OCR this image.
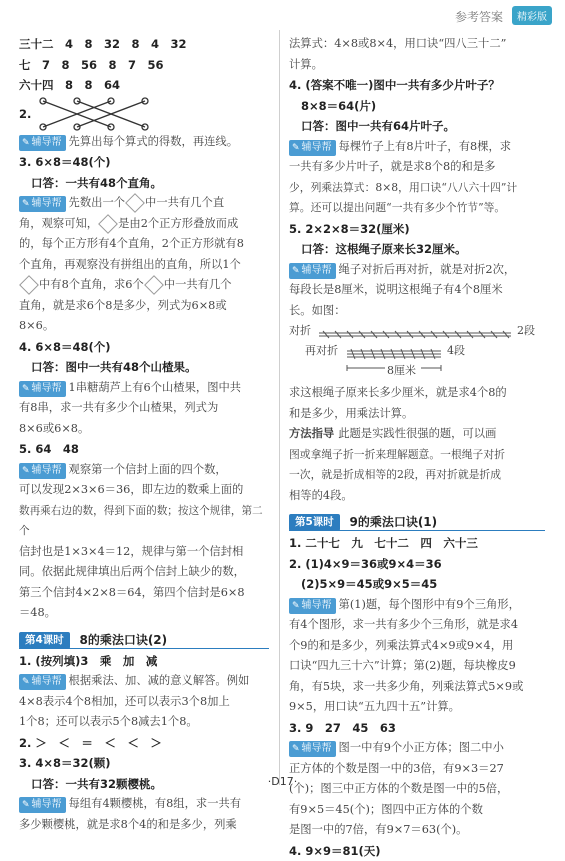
参考答案	精彩版

三十二　4　8　32　8　4　32

七　7　8　56　8　7　56

六十四　8　8　64

2.

✎ 辅导帮 先算出每个算式的得数，再连线。

3. 6×8＝48(个)

口答：一共有48个直角。

✎ 辅导帮 先数出一个 中一共有几个直

角，观察可知， 是由2个正方形叠放而成

的，每个正方形有4个直角，2个正方形就有8

个直角，再观察没有拼组出的直角，所以1个

中有8个直角，求6个 中一共有几个

直角，就是求6个8是多少，列式为6×8或

8×6。

4. 6×8＝48(个)

口答：图中一共有48个山楂果。

✎ 辅导帮 1串糖葫芦上有6个山楂果，图中共

有8串，求一共有多少个山楂果，列式为

8×6或6×8。

5. 64　48

✎ 辅导帮 观察第一个信封上面的四个数，

可以发现2×3×6＝36，即左边的数乘上面的

数再乘右边的数，得到下面的数；按这个规律，第二个

信封也是1×3×4＝12，规律与第一个信封相

同。依据此规律填出后两个信封上缺少的数，

第三个信封4×2×8＝64，第四个信封是6×8

＝48。

第4课时 8的乘法口诀(2)

1. (按列填)3　乘　加　减

✎ 辅导帮 根据乘法、加、减的意义解答。例如

4×8表示4个8相加，还可以表示3个8加上

1个8；还可以表示5个8减去1个8。

2. ＞　＜　＝　＜　＜　＞

3. 4×8＝32(颗)

口答：一共有32颗樱桃。

✎ 辅导帮 每组有4颗樱桃，有8组，求一共有

多少颗樱桃，就是求8个4的和是多少，列乘

法算式：4×8或8×4，用口诀“四八三十二”

计算。

4. (答案不唯一)图中一共有多少片叶子？

8×8＝64(片)

口答：图中一共有64片叶子。

✎ 辅导帮 每棵竹子上有8片叶子，有8棵，求

一共有多少片叶子，就是求8个8的和是多

少，列乘法算式：8×8，用口诀“八八六十四”计

算。还可以提出问题“一共有多少个竹节”等。

5. 2×2×8＝32(厘米)

口答：这根绳子原来长32厘米。

✎ 辅导帮 绳子对折后再对折，就是对折2次，

每段长是8厘米，说明这根绳子有4个8厘米

长。如图：

对折	2段
再对折	4段
8厘米

求这根绳子原来长多少厘米，就是求4个8的

和是多少，用乘法计算。

方法指导 此题是实践性很强的题，可以画

图或拿绳子折一折来理解题意。一根绳子对折

一次，就是折成相等的2段，再对折就是折成

相等的4段。

第5课时 9的乘法口诀(1)

1. 二十七　九　七十二　四　六十三

2. (1)4×9＝36或9×4＝36

(2)5×9＝45或9×5＝45

✎ 辅导帮 第(1)题，每个图形中有9个三角形，

有4个图形，求一共有多少个三角形，就是求4

个9的和是多少，列乘法算式4×9或9×4，用

口诀“四九三十六”计算；第(2)题，每块橡皮9

角，有5块，求一共多少角，列乘法算式5×9或

9×5，用口诀“五九四十五”计算。

3. 9　27　45　63

✎ 辅导帮 图一中有9个小正方体；图二中小

正方体的个数是图一中的3倍，有9×3＝27

(个)；图三中正方体的个数是图一中的5倍，

有9×5＝45(个)；图四中正方体的个数

是图一中的7倍，有9×7＝63(个)。

4. 9×9＝81(天)

·D17·
